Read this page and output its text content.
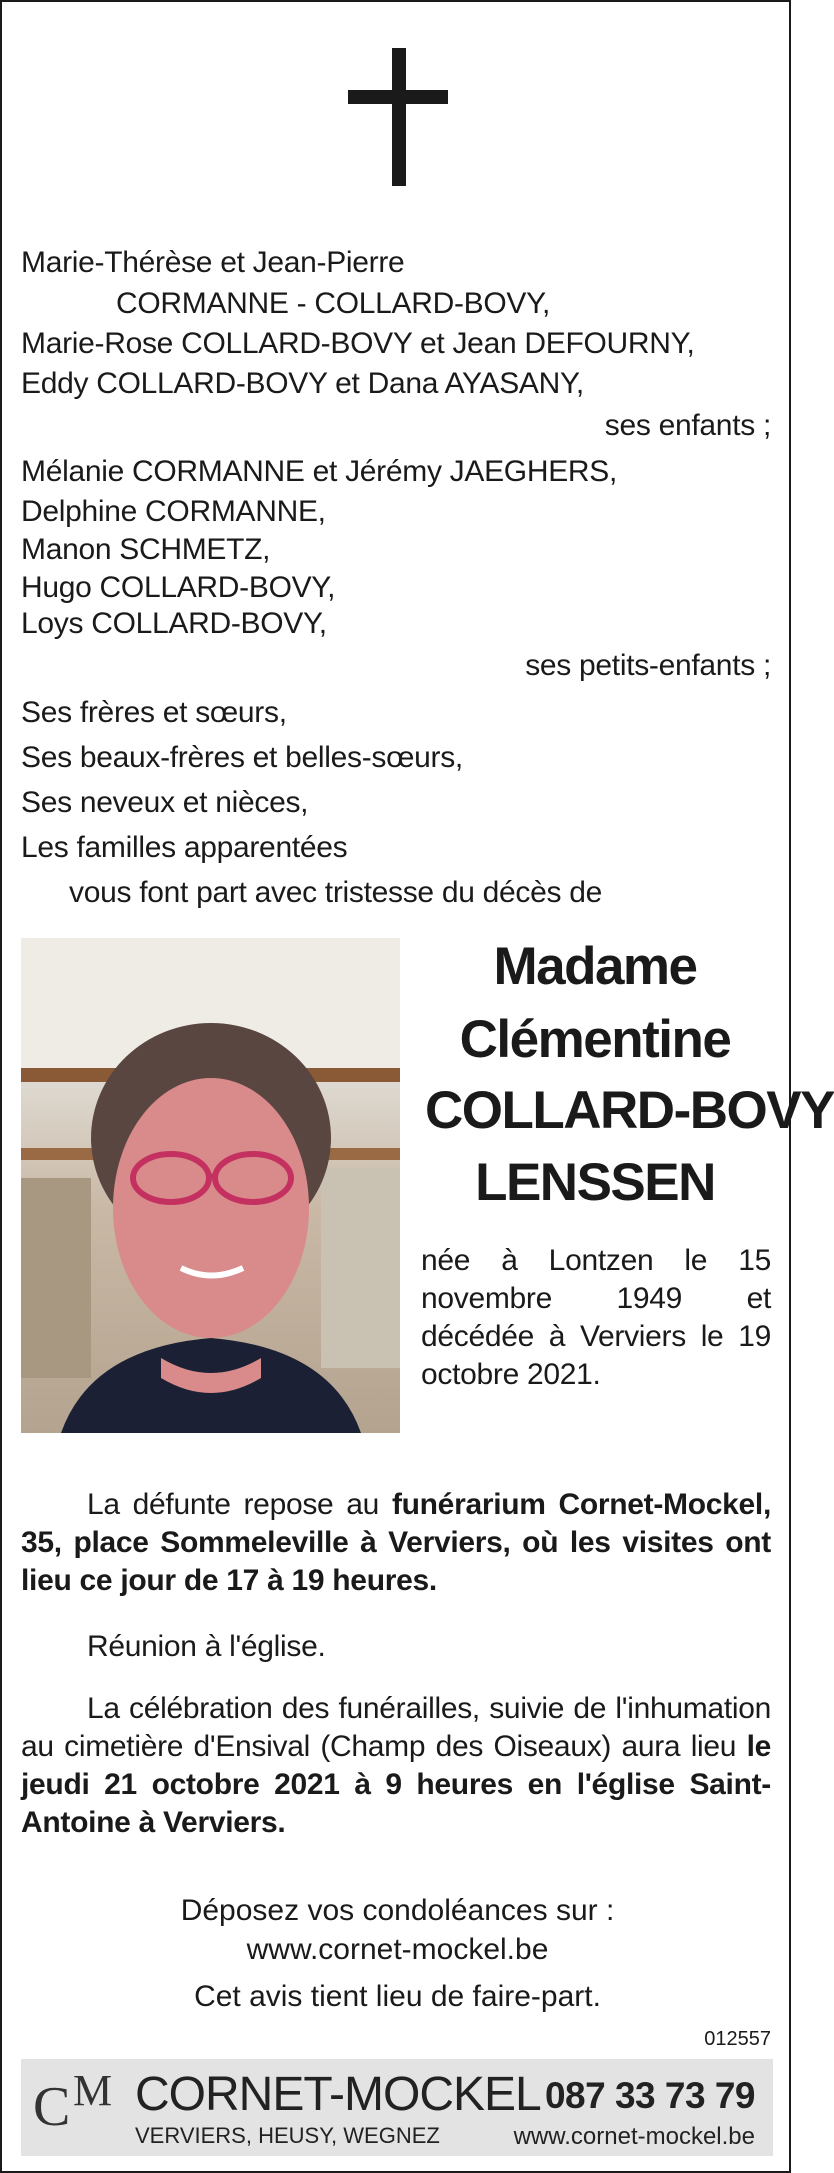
Marie-Thérèse et Jean-Pierre
CORMANNE - COLLARD-BOVY,
Marie-Rose COLLARD-BOVY et Jean DEFOURNY,
Eddy COLLARD-BOVY et Dana AYASANY,
ses enfants ;
Mélanie CORMANNE et Jérémy JAEGHERS,
Delphine CORMANNE,
Manon SCHMETZ,
Hugo COLLARD-BOVY,
Loys COLLARD-BOVY,
ses petits-enfants ;
Ses frères et sœurs,
Ses beaux-frères et belles-sœurs,
Ses neveux et nièces,
Les familles apparentées
vous font part avec tristesse du décès de
Madame
Clémentine
COLLARD-BOVY
LENSSEN
née à Lontzen le 15 novembre 1949 et décédée à Verviers le 19 octobre 2021.
La défunte repose au funérarium Cornet-Mockel, 35, place Sommeleville à Verviers, où les visites ont lieu ce jour de 17 à 19 heures.
Réunion à l'église.
La célébration des funérailles, suivie de l'inhumation au cimetière d'Ensival (Champ des Oiseaux) aura lieu le jeudi 21 octobre 2021 à 9 heures en l'église Saint-Antoine à Verviers.
Déposez vos condoléances sur :
www.cornet-mockel.be
Cet avis tient lieu de faire-part.
012557
C M CORNET-MOCKEL 087 33 73 79
VERVIERS, HEUSY, WEGNEZ	www.cornet-mockel.be
